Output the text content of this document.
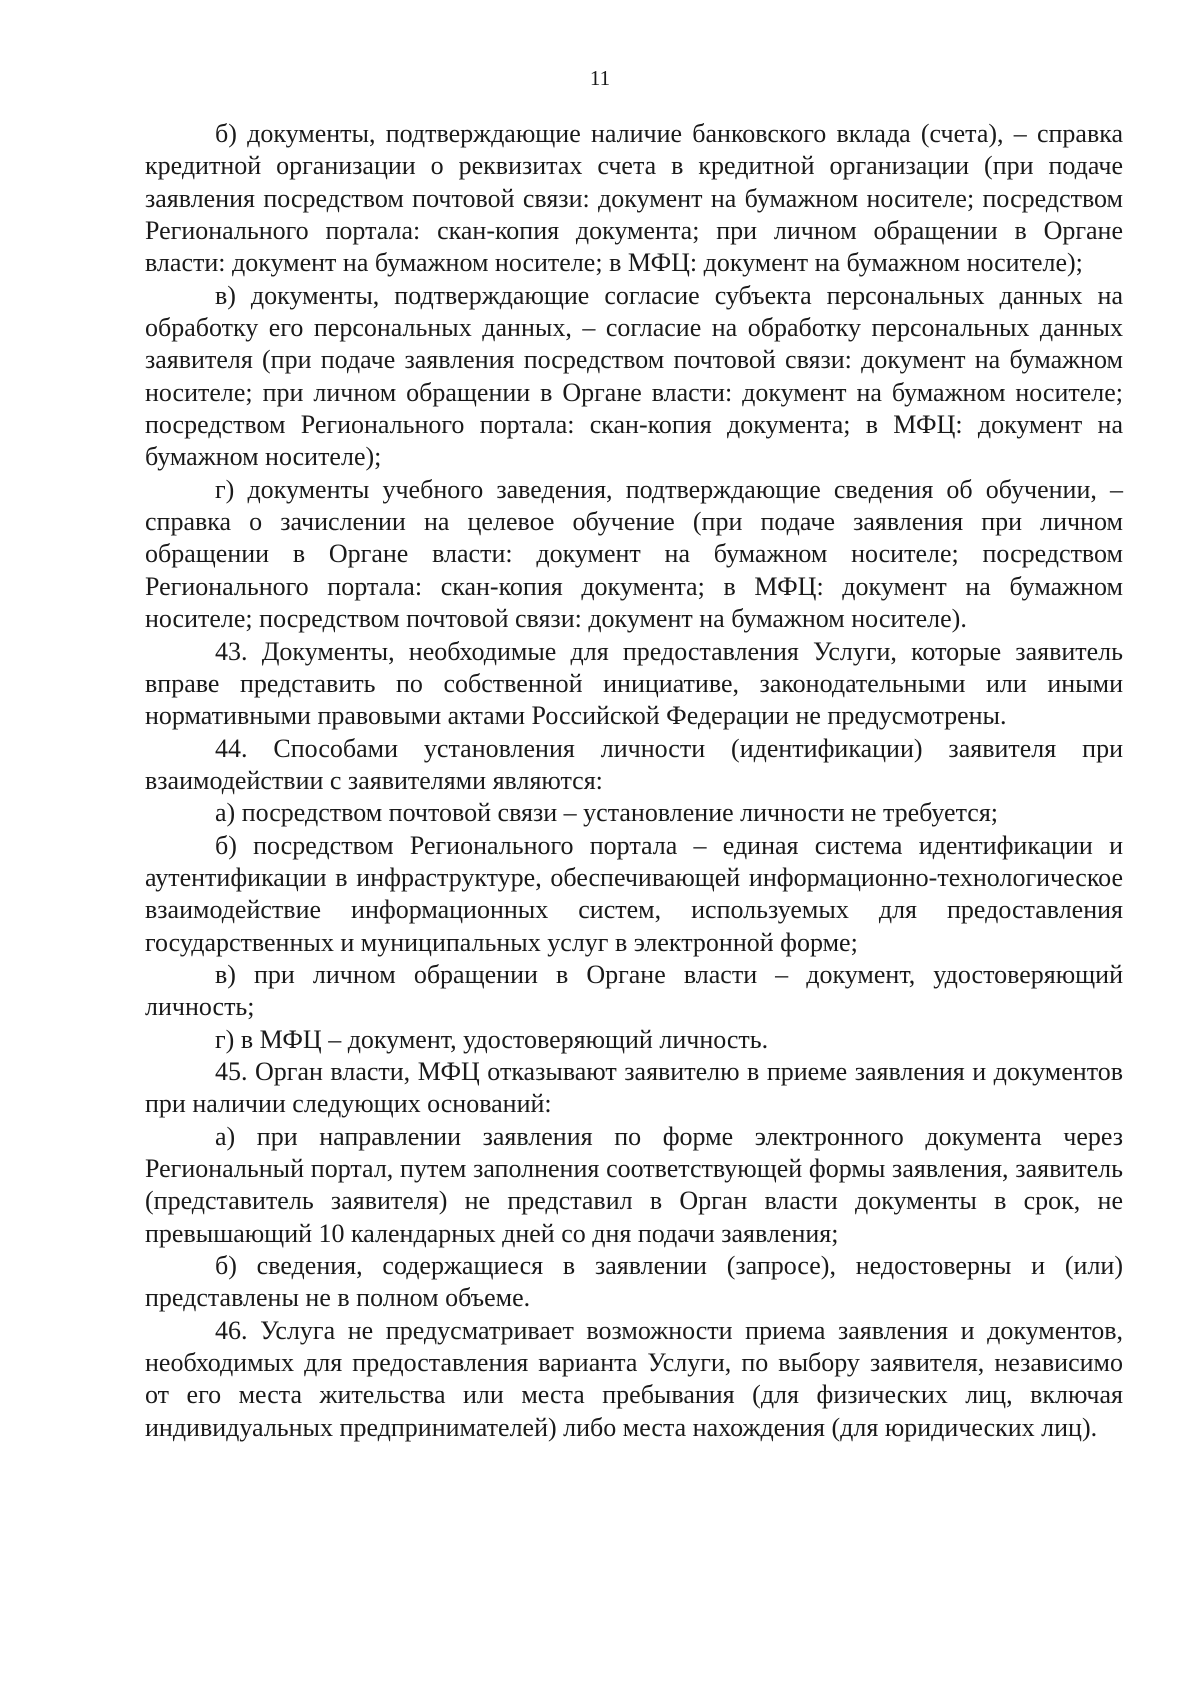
11

б) документы, подтверждающие наличие банковского вклада (счета), – справка кредитной организации о реквизитах счета в кредитной организации (при подаче заявления посредством почтовой связи: документ на бумажном носителе; посредством Регионального портала: скан-копия документа; при личном обращении в Органе власти: документ на бумажном носителе; в МФЦ: документ на бумажном носителе);

в) документы, подтверждающие согласие субъекта персональных данных на обработку его персональных данных, – согласие на обработку персональных данных заявителя (при подаче заявления посредством почтовой связи: документ на бумажном носителе; при личном обращении в Органе власти: документ на бумажном носителе; посредством Регионального портала: скан-копия документа; в МФЦ: документ на бумажном носителе);

г) документы учебного заведения, подтверждающие сведения об обучении, – справка о зачислении на целевое обучение (при подаче заявления при личном обращении в Органе власти: документ на бумажном носителе; посредством Регионального портала: скан-копия документа; в МФЦ: документ на бумажном носителе; посредством почтовой связи: документ на бумажном носителе).

43. Документы, необходимые для предоставления Услуги, которые заявитель вправе представить по собственной инициативе, законодательными или иными нормативными правовыми актами Российской Федерации не предусмотрены.

44. Способами установления личности (идентификации) заявителя при взаимодействии с заявителями являются:

а) посредством почтовой связи – установление личности не требуется;

б) посредством Регионального портала – единая система идентификации и аутентификации в инфраструктуре, обеспечивающей информационно-технологическое взаимодействие информационных систем, используемых для предоставления государственных и муниципальных услуг в электронной форме;

в) при личном обращении в Органе власти – документ, удостоверяющий личность;

г) в МФЦ – документ, удостоверяющий личность.

45. Орган власти, МФЦ отказывают заявителю в приеме заявления и документов при наличии следующих оснований:

а) при направлении заявления по форме электронного документа через Региональный портал, путем заполнения соответствующей формы заявления, заявитель (представитель заявителя) не представил в Орган власти документы в срок, не превышающий 10 календарных дней со дня подачи заявления;

б) сведения, содержащиеся в заявлении (запросе), недостоверны и (или) представлены не в полном объеме.

46. Услуга не предусматривает возможности приема заявления и документов, необходимых для предоставления варианта Услуги, по выбору заявителя, независимо от его места жительства или места пребывания (для физических лиц, включая индивидуальных предпринимателей) либо места нахождения (для юридических лиц).
